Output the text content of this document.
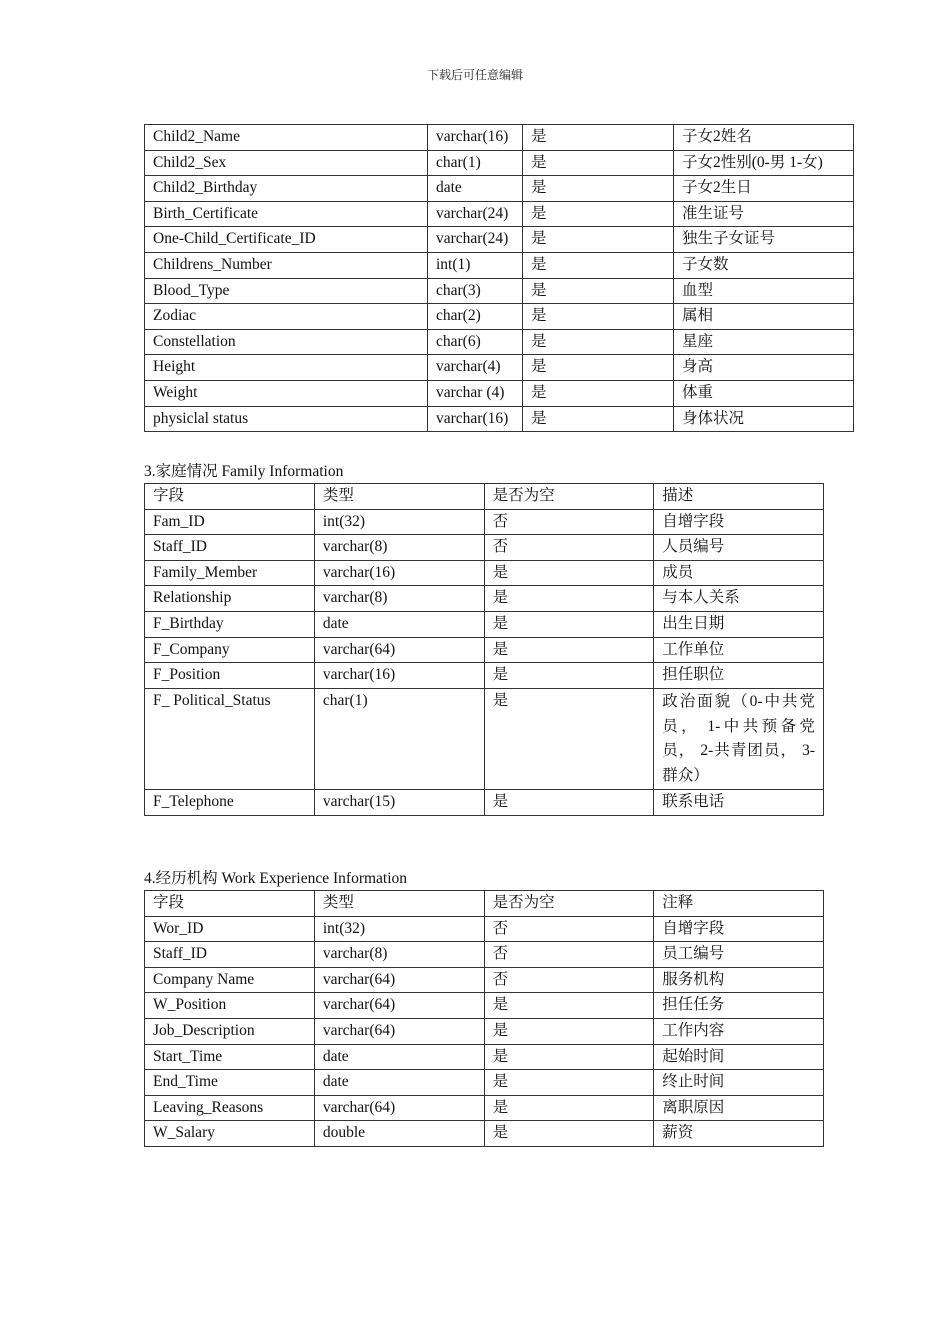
下载后可任意编辑
Child2_Name	varchar(16)	是	子女2姓名
Child2_Sex	char(1)	是	子女2性别(0-男 1-女)
Child2_Birthday	date	是	子女2生日
Birth_Certificate	varchar(24)	是	准生证号
One-Child_Certificate_ID	varchar(24)	是	独生子女证号
Childrens_Number	int(1)	是	子女数
Blood_Type	char(3)	是	血型
Zodiac	char(2)	是	属相
Constellation	char(6)	是	星座
Height	varchar(4)	是	身高
Weight	varchar (4)	是	体重
physiclal status	varchar(16)	是	身体状况
3.家庭情况 Family Information
字段	类型	是否为空	描述
Fam_ID	int(32)	否	自增字段
Staff_ID	varchar(8)	否	人员编号
Family_Member	varchar(16)	是	成员
Relationship	varchar(8)	是	与本人关系
F_Birthday	date	是	出生日期
F_Company	varchar(64)	是	工作单位
F_Position	varchar(16)	是	担任职位
F_ Political_Status	char(1)	是	政治面貌（0-中共党员， 1-中共预备党员， 2-共青团员， 3-群众）
F_Telephone	varchar(15)	是	联系电话
4.经历机构 Work Experience Information
字段	类型	是否为空	注释
Wor_ID	int(32)	否	自增字段
Staff_ID	varchar(8)	否	员工编号
Company Name	varchar(64)	否	服务机构
W_Position	varchar(64)	是	担任任务
Job_Description	varchar(64)	是	工作内容
Start_Time	date	是	起始时间
End_Time	date	是	终止时间
Leaving_Reasons	varchar(64)	是	离职原因
W_Salary	double	是	薪资
